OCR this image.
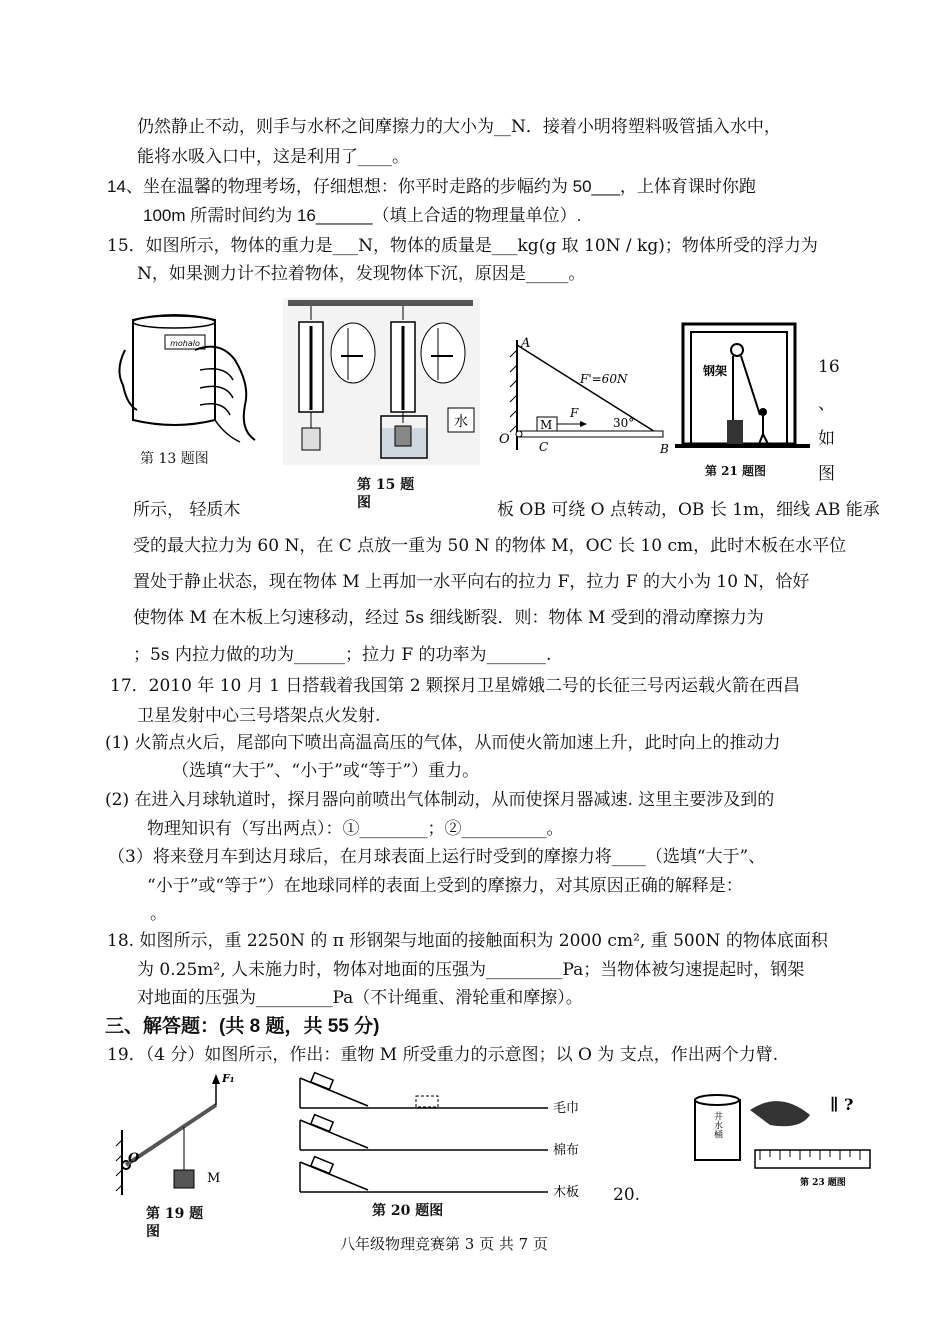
仍然静止不动，则手与水杯之间摩擦力的大小为__N．接着小明将塑料吸管插入水中，
能将水吸入口中，这是利用了____。
14、坐在温馨的物理考场，仔细想想：你平时走路的步幅约为 50___，上体育课时你跑
100m 所需时间约为 16______（填上合适的物理量单位）.
15．如图所示，物体的重力是___N，物体的质量是___kg(g 取 10N / kg)；物体所受的浮力为
N，如果测力计不拉着物体，发现物体下沉，原因是_____。
mohalo
第 13 题图
水
第 15 题图
A
O
M
F
C	B
F'=60N
30°
钢架
第 21 题图
16
、
如
图
所示， 轻质木	板 OB 可绕 O 点转动，OB 长 1m，细线 AB 能承
受的最大拉力为 60 N，在 C 点放一重为 50 N 的物体 M，OC 长 10 cm，此时木板在水平位
置处于静止状态，现在物体 M 上再加一水平向右的拉力 F，拉力 F 的大小为 10 N，恰好
使物体 M 在木板上匀速移动，经过 5s 细线断裂．则：物体 M 受到的滑动摩擦力为
；5s 内拉力做的功为______；拉力 F 的功率为_______.
17．2010 年 10 月 1 日搭载着我国第 2 颗探月卫星嫦娥二号的长征三号丙运载火箭在西昌
卫星发射中心三号塔架点火发射.
(1) 火箭点火后，尾部向下喷出高温高压的气体，从而使火箭加速上升，此时向上的推动力
（选填“大于”、“小于”或“等于”）重力。
(2) 在进入月球轨道时，探月器向前喷出气体制动，从而使探月器减速. 这里主要涉及到的
物理知识有（写出两点）：①________；②__________。
（3）将来登月车到达月球后，在月球表面上运行时受到的摩擦力将____（选填“大于”、
“小于”或“等于”）在地球同样的表面上受到的摩擦力，对其原因正确的解释是：
。
18. 如图所示，重 2250N 的 π 形钢架与地面的接触面积为 2000 cm², 重 500N 的物体底面积
为 0.25m², 人未施力时，物体对地面的压强为_________Pa；当物体被匀速提起时，钢架
对地面的压强为_________Pa（不计绳重、滑轮重和摩擦）。
三、解答题：(共 8 题，共 55 分)
19．（4 分）如图所示，作出：重物 M 所受重力的示意图；以 O 为 支点，作出两个力臂.
F₁
O
M
第 19 题图
毛巾
棉布
木板
第 20 题图
20.
井水桶
∥ ?
第 23 题图
八年级物理竞赛第 3 页 共 7 页
